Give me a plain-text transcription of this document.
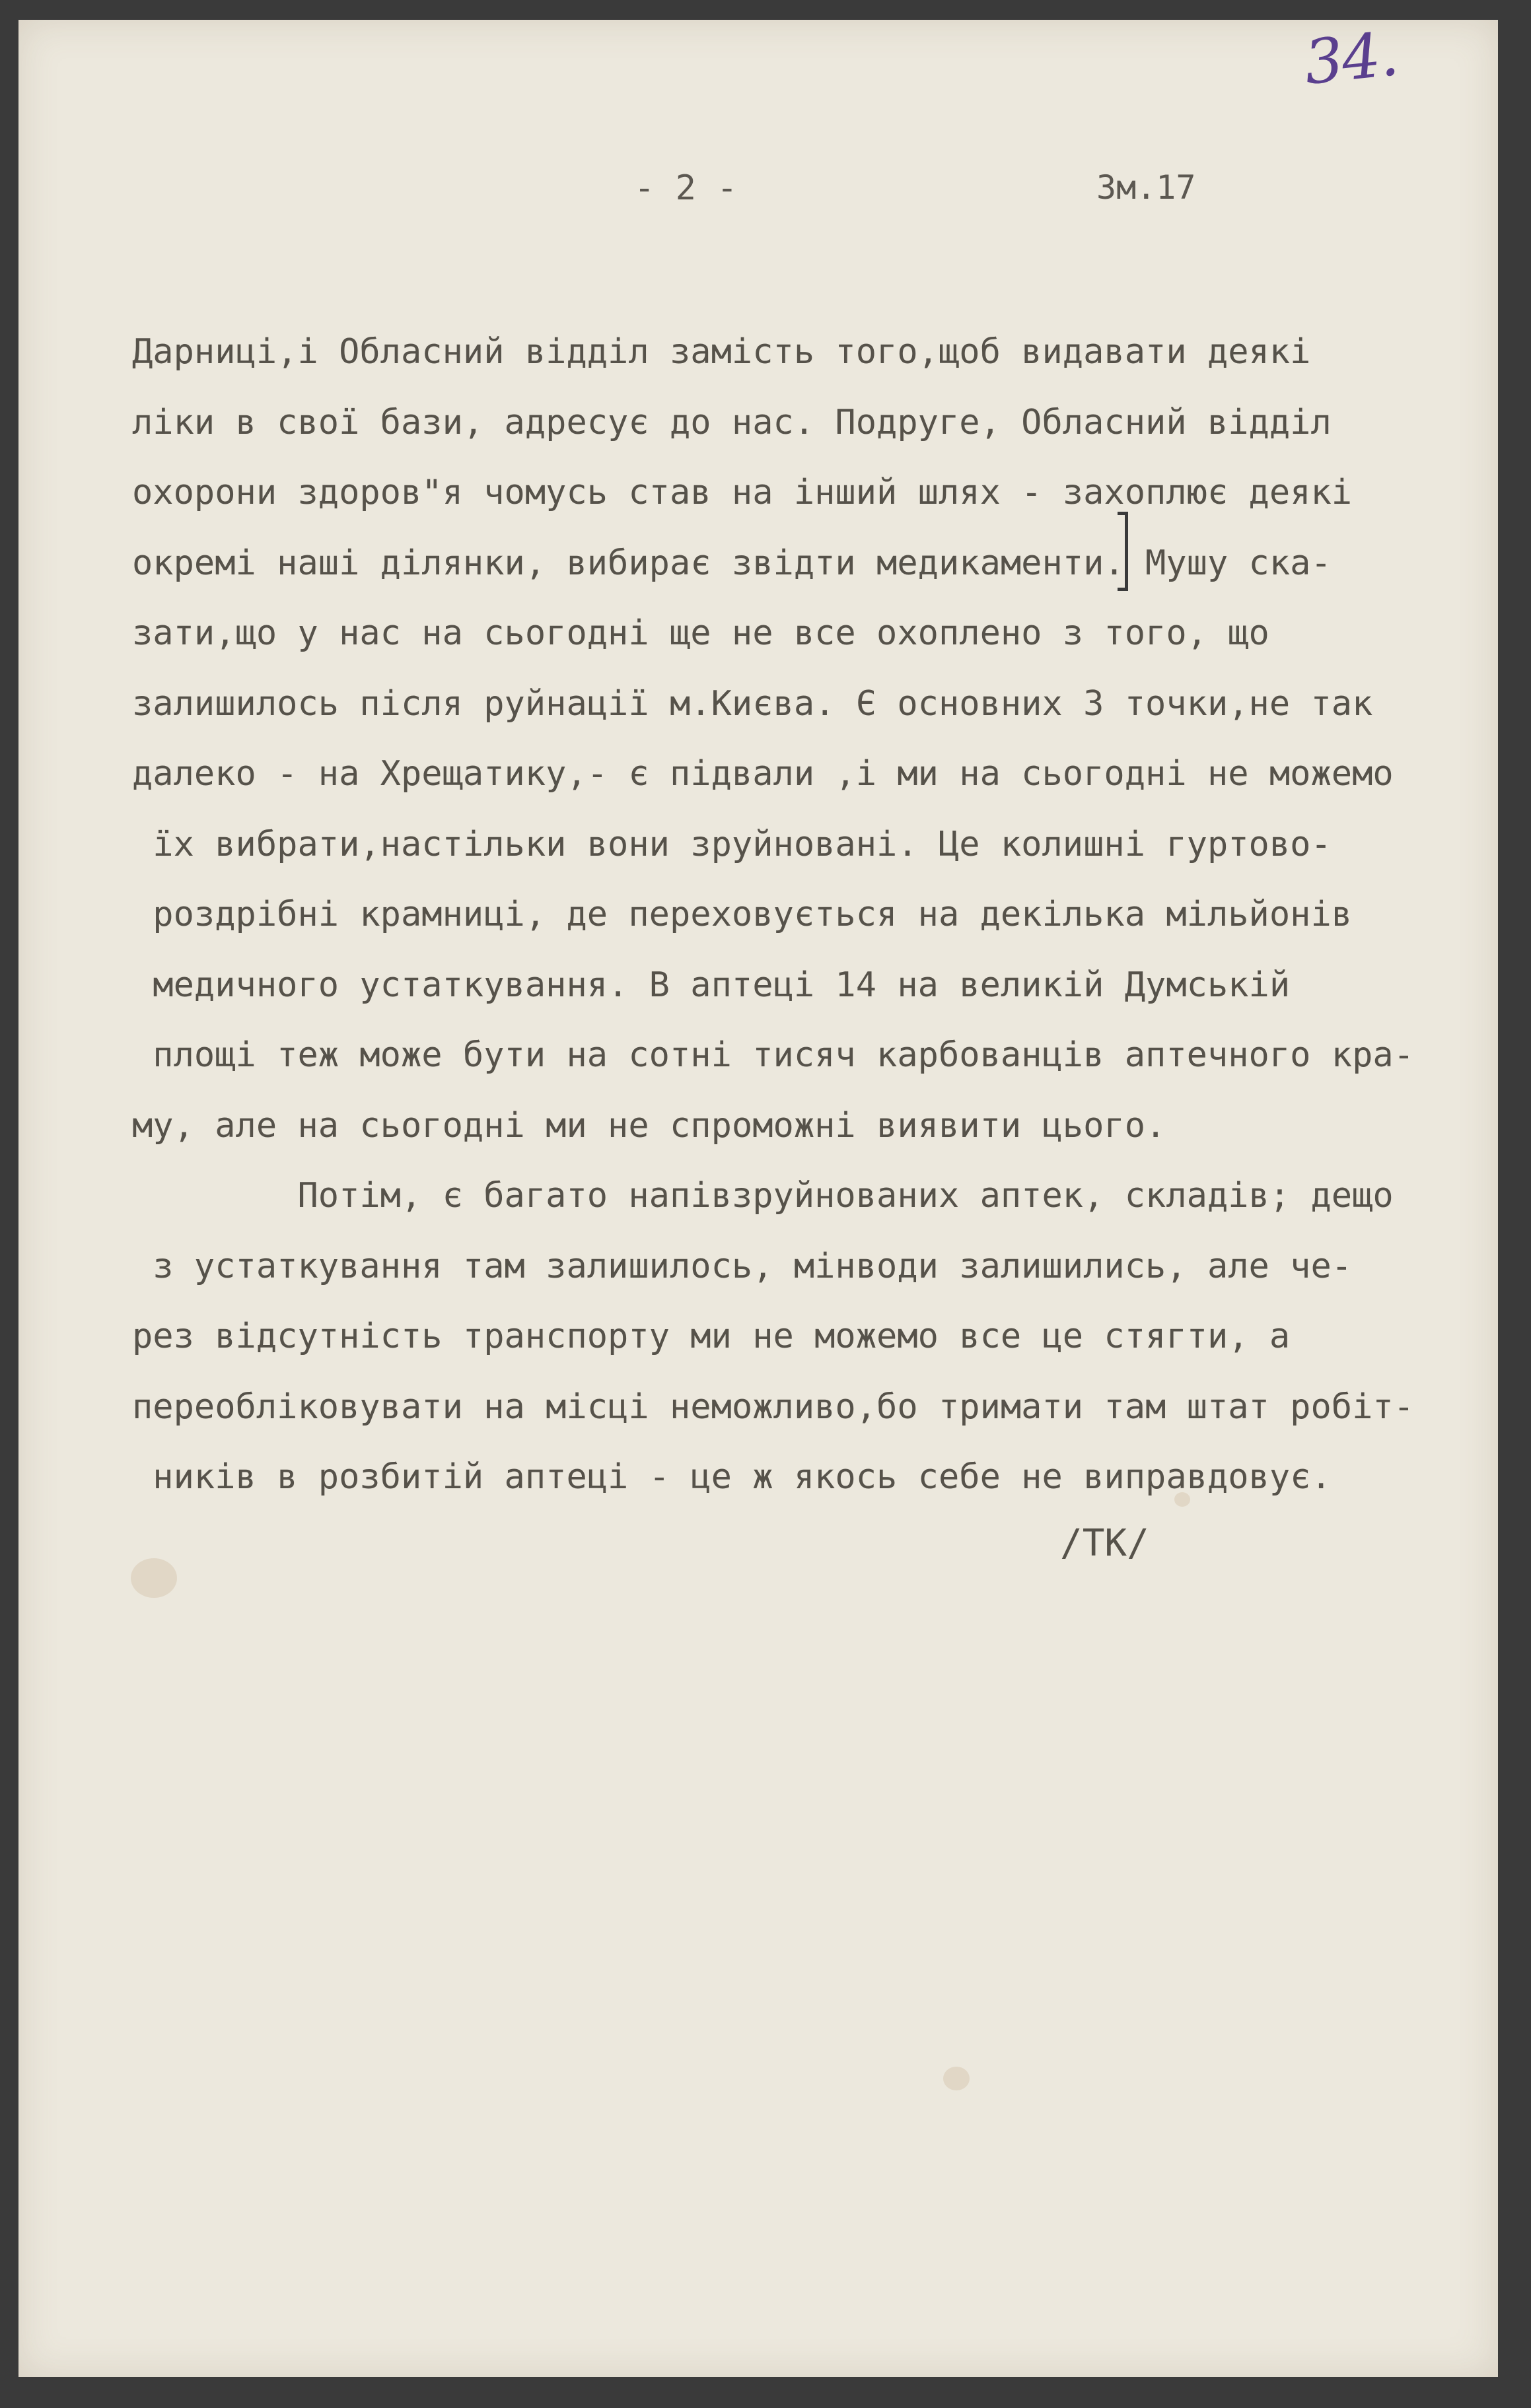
34.
- 2 -	Зм.17
Дарниці,і Обласний відділ замість того,щоб видавати деякі
ліки в свої бази, адресує до нас. Подруге, Обласний відділ
охорони здоров"я чомусь став на інший шлях - захоплює деякі
окремі наші ділянки, вибирає звідти медикаменти. Мушу ска-
зати,що у нас на сьогодні ще не все охоплено з того, що
залишилось після руйнації м.Києва. Є основних 3 точки,не так
далеко - на Хрещатику,- є підвали ,і ми на сьогодні не можемо
їх вибрати,настільки вони зруйновані. Це колишні гуртово-
роздрібні крамниці, де переховується на декілька мільйонів
медичного устаткування. В аптеці 14 на великій Думській
площі теж може бути на сотні тисяч карбованців аптечного кра-
му, але на сьогодні ми не спроможні виявити цього.
Потім, є багато напівзруйнованих аптек, складів; дещо
з устаткування там залишилось, мінводи залишились, але че-
рез відсутність транспорту ми не можемо все це стягти, а
переобліковувати на місці неможливо,бо тримати там штат робіт-
ників в розбитій аптеці - це ж якось себе не виправдовує.
/ТК/
